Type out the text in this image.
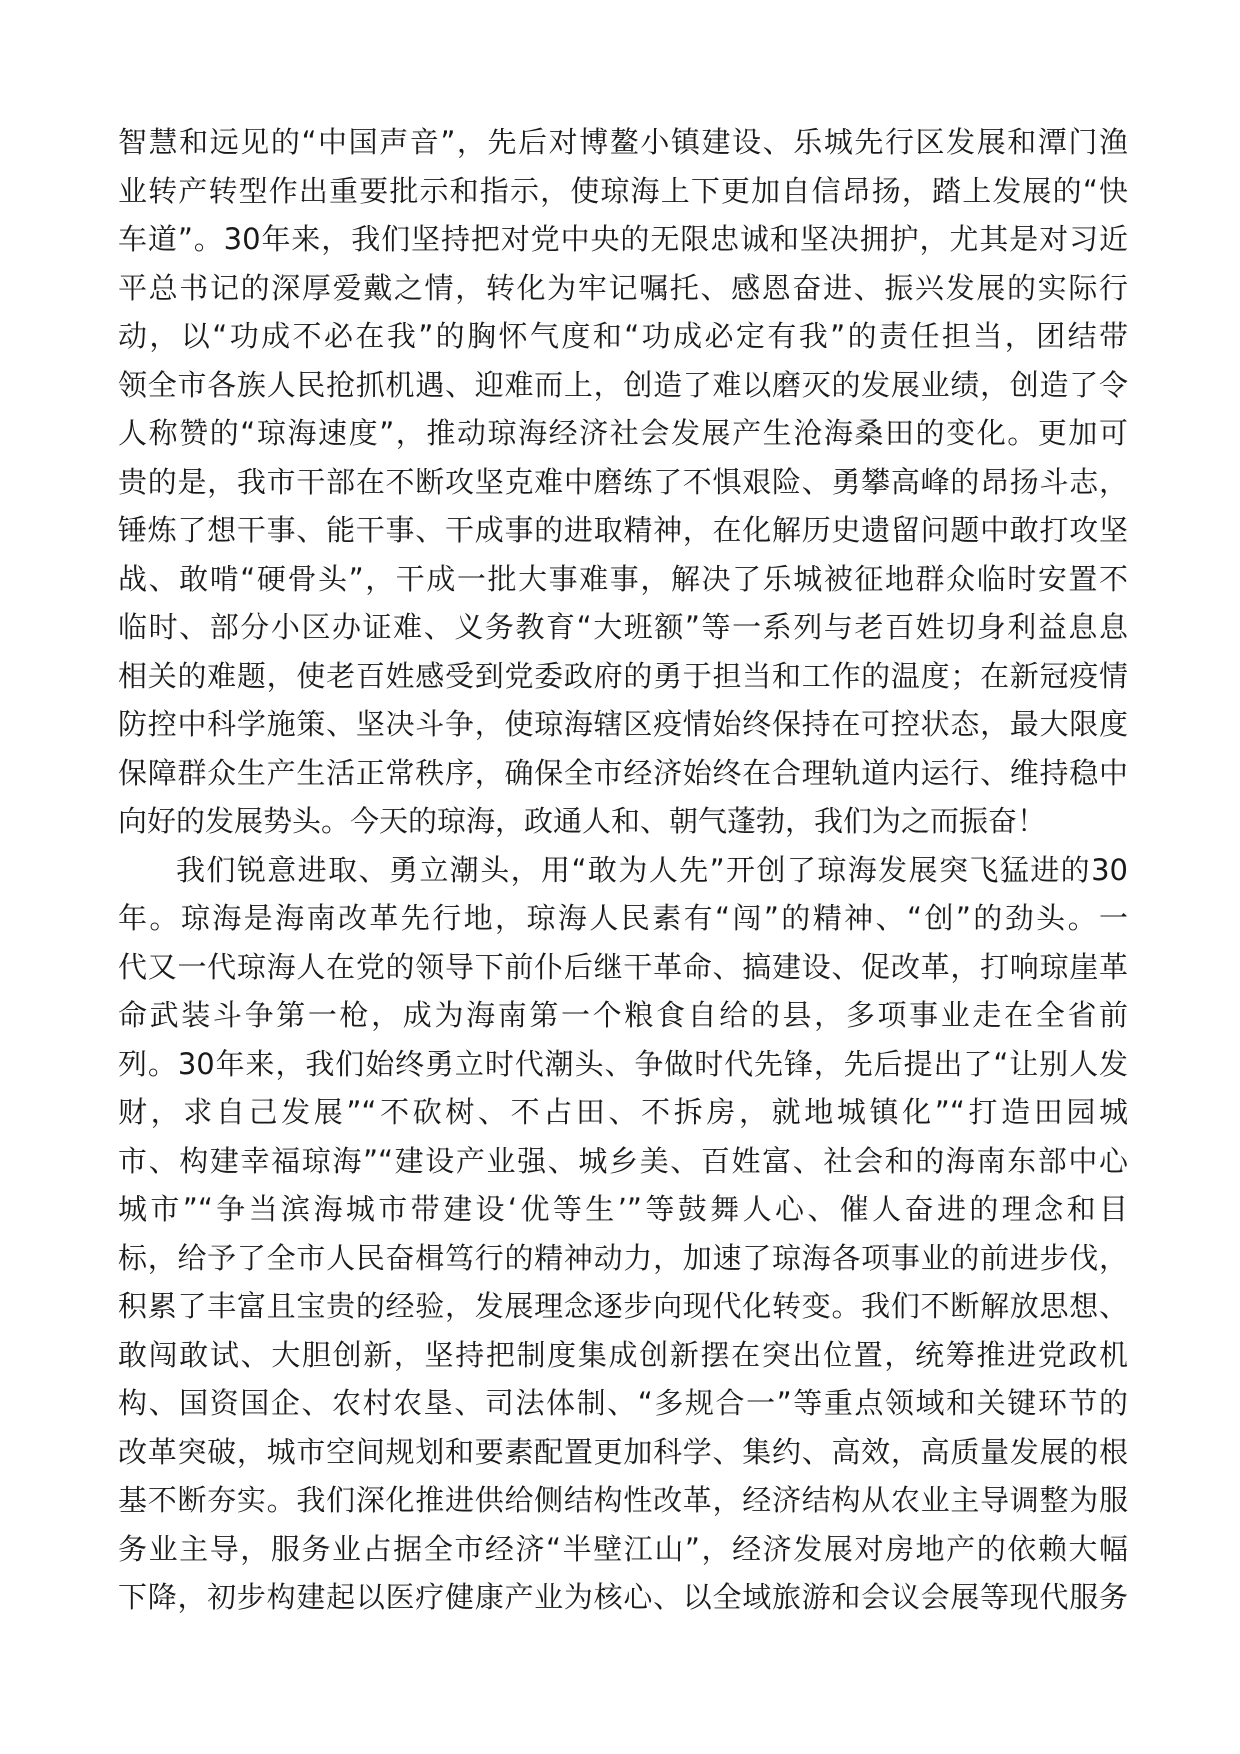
智慧和远见的“中国声音”，先后对博鳌小镇建设、乐城先行区发展和潭门渔
业转产转型作出重要批示和指示，使琼海上下更加自信昂扬，踏上发展的“快
车道”。30年来，我们坚持把对党中央的无限忠诚和坚决拥护，尤其是对习近
平总书记的深厚爱戴之情，转化为牢记嘱托、感恩奋进、振兴发展的实际行
动，以“功成不必在我”的胸怀气度和“功成必定有我”的责任担当，团结带
领全市各族人民抢抓机遇、迎难而上，创造了难以磨灭的发展业绩，创造了令
人称赞的“琼海速度”，推动琼海经济社会发展产生沧海桑田的变化。更加可
贵的是，我市干部在不断攻坚克难中磨练了不惧艰险、勇攀高峰的昂扬斗志，
锤炼了想干事、能干事、干成事的进取精神，在化解历史遗留问题中敢打攻坚
战、敢啃“硬骨头”，干成一批大事难事，解决了乐城被征地群众临时安置不
临时、部分小区办证难、义务教育“大班额”等一系列与老百姓切身利益息息
相关的难题，使老百姓感受到党委政府的勇于担当和工作的温度；在新冠疫情
防控中科学施策、坚决斗争，使琼海辖区疫情始终保持在可控状态，最大限度
保障群众生产生活正常秩序，确保全市经济始终在合理轨道内运行、维持稳中
向好的发展势头。今天的琼海，政通人和、朝气蓬勃，我们为之而振奋！
我们锐意进取、勇立潮头，用“敢为人先”开创了琼海发展突飞猛进的30
年。琼海是海南改革先行地，琼海人民素有“闯”的精神、“创”的劲头。一
代又一代琼海人在党的领导下前仆后继干革命、搞建设、促改革，打响琼崖革
命武装斗争第一枪，成为海南第一个粮食自给的县，多项事业走在全省前
列。30年来，我们始终勇立时代潮头、争做时代先锋，先后提出了“让别人发
财，求自己发展”“不砍树、不占田、不拆房，就地城镇化”“打造田园城
市、构建幸福琼海”“建设产业强、城乡美、百姓富、社会和的海南东部中心
城市”“争当滨海城市带建设‘优等生’”等鼓舞人心、催人奋进的理念和目
标，给予了全市人民奋楫笃行的精神动力，加速了琼海各项事业的前进步伐，
积累了丰富且宝贵的经验，发展理念逐步向现代化转变。我们不断解放思想、
敢闯敢试、大胆创新，坚持把制度集成创新摆在突出位置，统筹推进党政机
构、国资国企、农村农垦、司法体制、“多规合一”等重点领域和关键环节的
改革突破，城市空间规划和要素配置更加科学、集约、高效，高质量发展的根
基不断夯实。我们深化推进供给侧结构性改革，经济结构从农业主导调整为服
务业主导，服务业占据全市经济“半壁江山”，经济发展对房地产的依赖大幅
下降，初步构建起以医疗健康产业为核心、以全域旅游和会议会展等现代服务
